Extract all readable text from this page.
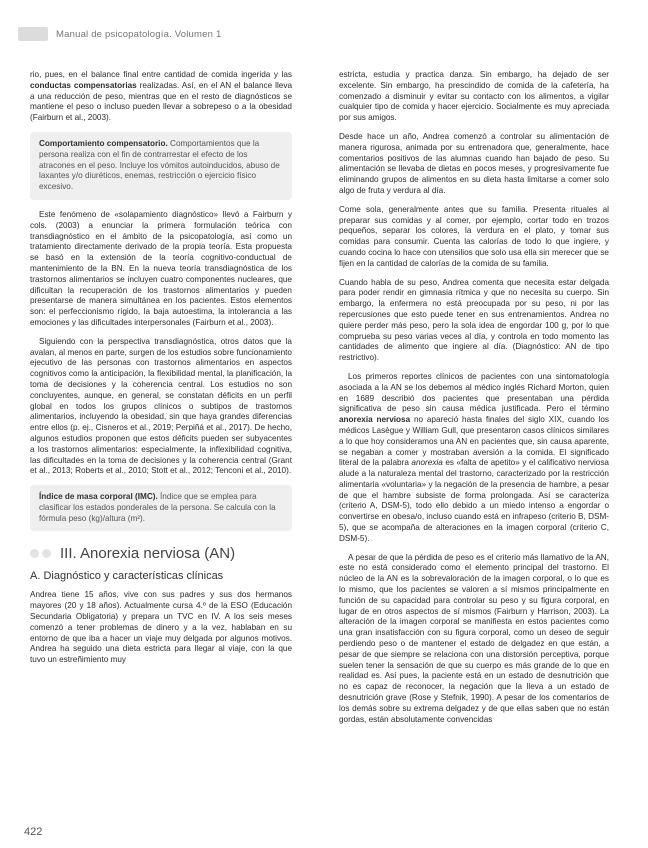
Manual de psicopatología. Volumen 1

rio, pues, en el balance final entre cantidad de comida ingerida y las conductas compensatorias realizadas. Así, en el AN el balance lleva a una reducción de peso, mientras que en el resto de diagnósticos se mantiene el peso o incluso pueden llevar a sobrepeso o a la obesidad (Fairburn et al., 2003).

Comportamiento compensatorio. Comportamientos que la persona realiza con el fin de contrarrestar el efecto de los atracones en el peso. Incluye los vómitos autoinducidos, abuso de laxantes y/o diuréticos, enemas, restricción o ejercicio físico excesivo.

Este fenómeno de «solapamiento diagnóstico» llevó a Fairburn y cols. (2003) a enunciar la primera formulación teórica con transdiagnóstico en el ámbito de la psicopatología, así como un tratamiento directamente derivado de la propia teoría. Esta propuesta se basó en la extensión de la teoría cognitivo-conductual de mantenimiento de la BN. En la nueva teoría transdiagnóstica de los trastornos alimentarios se incluyen cuatro componentes nucleares, que dificultan la recuperación de los trastornos alimentarios y pueden presentarse de manera simultánea en los pacientes. Estos elementos son: el perfeccionismo rígido, la baja autoestima, la intolerancia a las emociones y las dificultades interpersonales (Fairburn et al., 2003).

Siguiendo con la perspectiva transdiagnóstica, otros datos que la avalan, al menos en parte, surgen de los estudios sobre funcionamiento ejecutivo de las personas con trastornos alimentarios en aspectos cognitivos como la anticipación, la flexibilidad mental, la planificación, la toma de decisiones y la coherencia central. Los estudios no son concluyentes, aunque, en general, se constatan déficits en un perfil global en todos los grupos clínicos o subtipos de trastornos alimentarios, incluyendo la obesidad, sin que haya grandes diferencias entre ellos (p. ej., Cisneros et al., 2019; Perpiñá et al., 2017). De hecho, algunos estudios proponen que estos déficits pueden ser subyacentes a los trastornos alimentarios: especialmente, la inflexibilidad cognitiva, las dificultades en la toma de decisiones y la coherencia central (Grant et al., 2013; Roberts et al., 2010; Stott et al., 2012; Tenconi et al., 2010).

Índice de masa corporal (IMC). Índice que se emplea para clasificar los estados ponderales de la persona. Se calcula con la fórmula peso (kg)/altura (m²).
III. Anorexia nerviosa (AN)
A. Diagnóstico y características clínicas

Andrea tiene 15 años, vive con sus padres y sus dos hermanos mayores (20 y 18 años). Actualmente cursa 4.º de la ESO (Educación Secundaria Obligatoria) y prepara un TVC en IV. A los seis meses comenzó a tener problemas de dinero y a la vez, hablaban en su entorno de que iba a hacer un viaje muy delgada por algunos motivos. Andrea ha seguido una dieta estricta para llegar al viaje, con la que tuvo un estreñimiento muy

estricta, estudia y practica danza. Sin embargo, ha dejado de ser excelente. Sin embargo, ha prescindido de comida de la cafetería, ha comenzado a disminuir y evitar su contacto con los alimentos, a vigilar cualquier tipo de comida y hacer ejercicio. Socialmente es muy apreciada por sus amigos.

Desde hace un año, Andrea comenzó a controlar su alimentación de manera rigurosa, animada por su entrenadora que, generalmente, hace comentarios positivos de las alumnas cuando han bajado de peso. Su alimentación se llevaba de dietas en pocos meses, y progresivamente fue eliminando grupos de alimentos en su dieta hasta limitarse a comer solo algo de fruta y verdura al día.

Come sola, generalmente antes que su familia. Presenta rituales al preparar sus comidas y al comer, por ejemplo, cortar todo en trozos pequeños, separar los colores, la verdura en el plato, y tomar sus comidas para consumir. Cuenta las calorías de todo lo que ingiere, y cuando cocina lo hace con utensilios que solo usa ella sin merecer que se fijen en la cantidad de calorías de la comida de su familia.

Cuando habla de su peso, Andrea comenta que necesita estar delgada para poder rendir en gimnasia rítmica y que no necesita su cuerpo. Sin embargo, la enfermera no está preocupada por su peso, ni por las repercusiones que esto puede tener en sus entrenamientos. Andrea no quiere perder más peso, pero la sola idea de engordar 100 g, por lo que comprueba su peso varias veces al día, y controla en todo momento las cantidades de alimento que ingiere al día. (Diagnóstico: AN de tipo restrictivo).

Los primeros reportes clínicos de pacientes con una sintomatología asociada a la AN se los debemos al médico inglés Richard Morton, quien en 1689 describió dos pacientes que presentaban una pérdida significativa de peso sin causa médica justificada. Pero el término anorexia nerviosa no apareció hasta finales del siglo XIX, cuando los médicos Lasègue y William Gull, que presentaron casos clínicos similares a lo que hoy consideramos una AN en pacientes que, sin causa aparente, se negaban a comer y mostraban aversión a la comida. El significado literal de la palabra anorexia es «falta de apetito» y el calificativo nerviosa alude a la naturaleza mental del trastorno, caracterizado por la restricción alimentaria «voluntaria» y la negación de la presencia de hambre, a pesar de que el hambre subsiste de forma prolongada. Así se caracteriza (criterio A, DSM-5), todo ello debido a un miedo intenso a engordar o convertirse en obesa/o, incluso cuando está en infrapeso (criterio B, DSM-5), que se acompaña de alteraciones en la imagen corporal (criterio C, DSM-5).

A pesar de que la pérdida de peso es el criterio más llamativo de la AN, este no está considerado como el elemento principal del trastorno. El núcleo de la AN es la sobrevaloración de la imagen corporal, o lo que es lo mismo, que los pacientes se valoren a sí mismos principalmente en función de su capacidad para controlar su peso y su figura corporal, en lugar de en otros aspectos de sí mismos (Fairburn y Harrison, 2003). La alteración de la imagen corporal se manifiesta en estos pacientes como una gran insatisfacción con su figura corporal, como un deseo de seguir perdiendo peso o de mantener el estado de delgadez en que están, a pesar de que siempre se relaciona con una distorsión perceptiva, porque suelen tener la sensación de que su cuerpo es más grande de lo que en realidad es. Así pues, la paciente está en un estado de desnutrición que no es capaz de reconocer, la negación que la lleva a un estado de desnutrición grave (Rose y Stefnik, 1990). A pesar de los comentarios de los demás sobre su extrema delgadez y de que ellas saben que no están gordas, están absolutamente convencidas

422
